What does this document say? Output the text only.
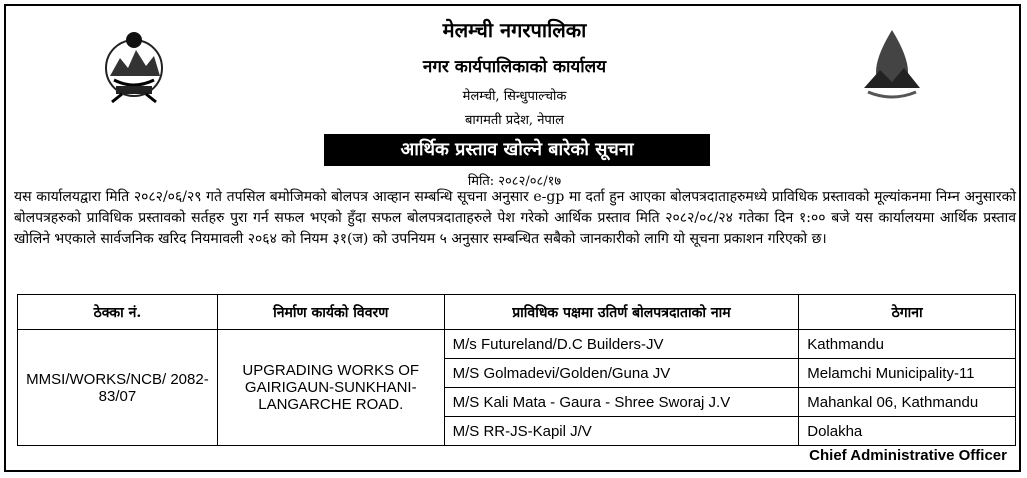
मेलम्ची नगरपालिका
नगर कार्यपालिकाको कार्यालय
मेलम्ची, सिन्धुपाल्चोक
बागमती प्रदेश, नेपाल
आर्थिक प्रस्ताव खोल्ने बारेको सूचना
मिति: २०८२/०८/१७
यस कार्यालयद्वारा मिति २०८२/०६/२९ गते तपसिल बमोजिमको बोलपत्र आव्हान सम्बन्धि सूचना अनुसार e-gp मा दर्ता हुन आएका बोलपत्रदाताहरुमध्ये प्राविधिक प्रस्तावको मूल्यांकनमा निम्न अनुसारको बोलपत्रहरुको प्राविधिक प्रस्तावको सर्तहरु पुरा गर्न सफल भएको हुँदा सफल बोलपत्रदाताहरुले पेश गरेको आर्थिक प्रस्ताव मिति २०८२/०८/२४ गतेका दिन १:०० बजे यस कार्यालयमा आर्थिक प्रस्ताव खोलिने भएकाले सार्वजनिक खरिद नियमावली २०६४ को नियम ३१(ज) को उपनियम ५ अनुसार सम्बन्धित सबैको जानकारीको लागि यो सूचना प्रकाशन गरिएको छ।
ठेक्का नं.	निर्माण कार्यको विवरण	प्राविधिक पक्षमा उतिर्ण बोलपत्रदाताको नाम	ठेगाना
MMSI/WORKS/NCB/ 2082-83/07	UPGRADING WORKS OF GAIRIGAUN-SUNKHANI-LANGARCHE ROAD.	M/s Futureland/D.C Builders-JV	Kathmandu
		M/S Golmadevi/Golden/Guna JV	Melamchi Municipality-11
		M/S Kali Mata - Gaura - Shree Sworaj J.V	Mahankal 06, Kathmandu
		M/S RR-JS-Kapil J/V	Dolakha
Chief Administrative Officer
